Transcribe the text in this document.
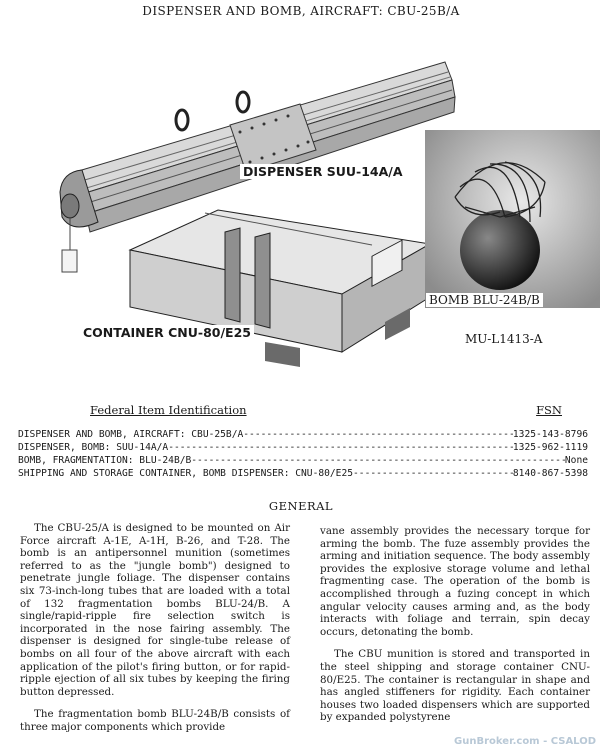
DISPENSER AND BOMB, AIRCRAFT: CBU-25B/A
DISPENSER SUU-14A/A
CONTAINER CNU-80/E25
BOMB BLU-24B/B
MU-L1413-A
Federal Item Identification	FSN
DISPENSER AND BOMB, AIRCRAFT: CBU-25B/A -----	1325-143-8796
DISPENSER, BOMB: SUU-14A/A -----	1325-962-1119
BOMB, FRAGMENTATION: BLU-24B/B -----	None
SHIPPING AND STORAGE CONTAINER, BOMB DISPENSER: CNU-80/E25 -----	8140-867-5398
GENERAL

The CBU-25/A is designed to be mounted on Air Force aircraft A-1E, A-1H, B-26, and T-28. The bomb is an antipersonnel munition (sometimes referred to as the "jungle bomb") designed to penetrate jungle foliage. The dispenser contains six 73-inch-long tubes that are loaded with a total of 132 fragmentation bombs BLU-24/B. A single/rapid-ripple fire selection switch is incorporated in the nose fairing assembly. The dispenser is designed for single-tube release of bombs on all four of the above aircraft with each application of the pilot's firing button, or for rapid-ripple ejection of all six tubes by keeping the firing button depressed.

The fragmentation bomb BLU-24B/B consists of three major components which provide

vane assembly provides the necessary torque for arming the bomb. The fuze assembly provides the arming and initiation sequence. The body assembly provides the explosive storage volume and lethal fragmenting case. The operation of the bomb is accomplished through a fuzing concept in which angular velocity causes arming and, as the body interacts with foliage and terrain, spin decay occurs, detonating the bomb.

The CBU munition is stored and transported in the steel shipping and storage container CNU-80/E25. The container is rectangular in shape and has angled stiffeners for rigidity. Each container houses two loaded dispensers which are supported by expanded polystyrene

GunBroker.com - CSALOD
